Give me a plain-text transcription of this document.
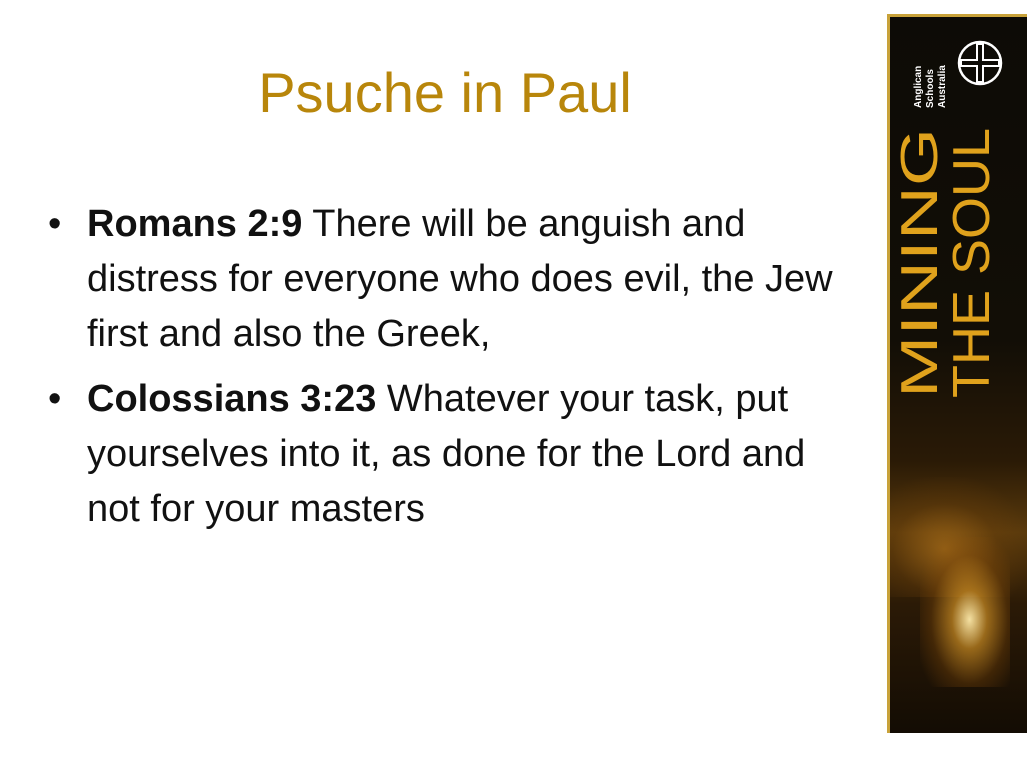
Psuche in Paul
• Romans 2:9 There will be anguish and distress for everyone who does evil, the Jew first and also the Greek,
• Colossians 3:23 Whatever your task, put yourselves into it, as done for the Lord and not for your masters
Anglican Schools Australia
MINING
THE SOUL
